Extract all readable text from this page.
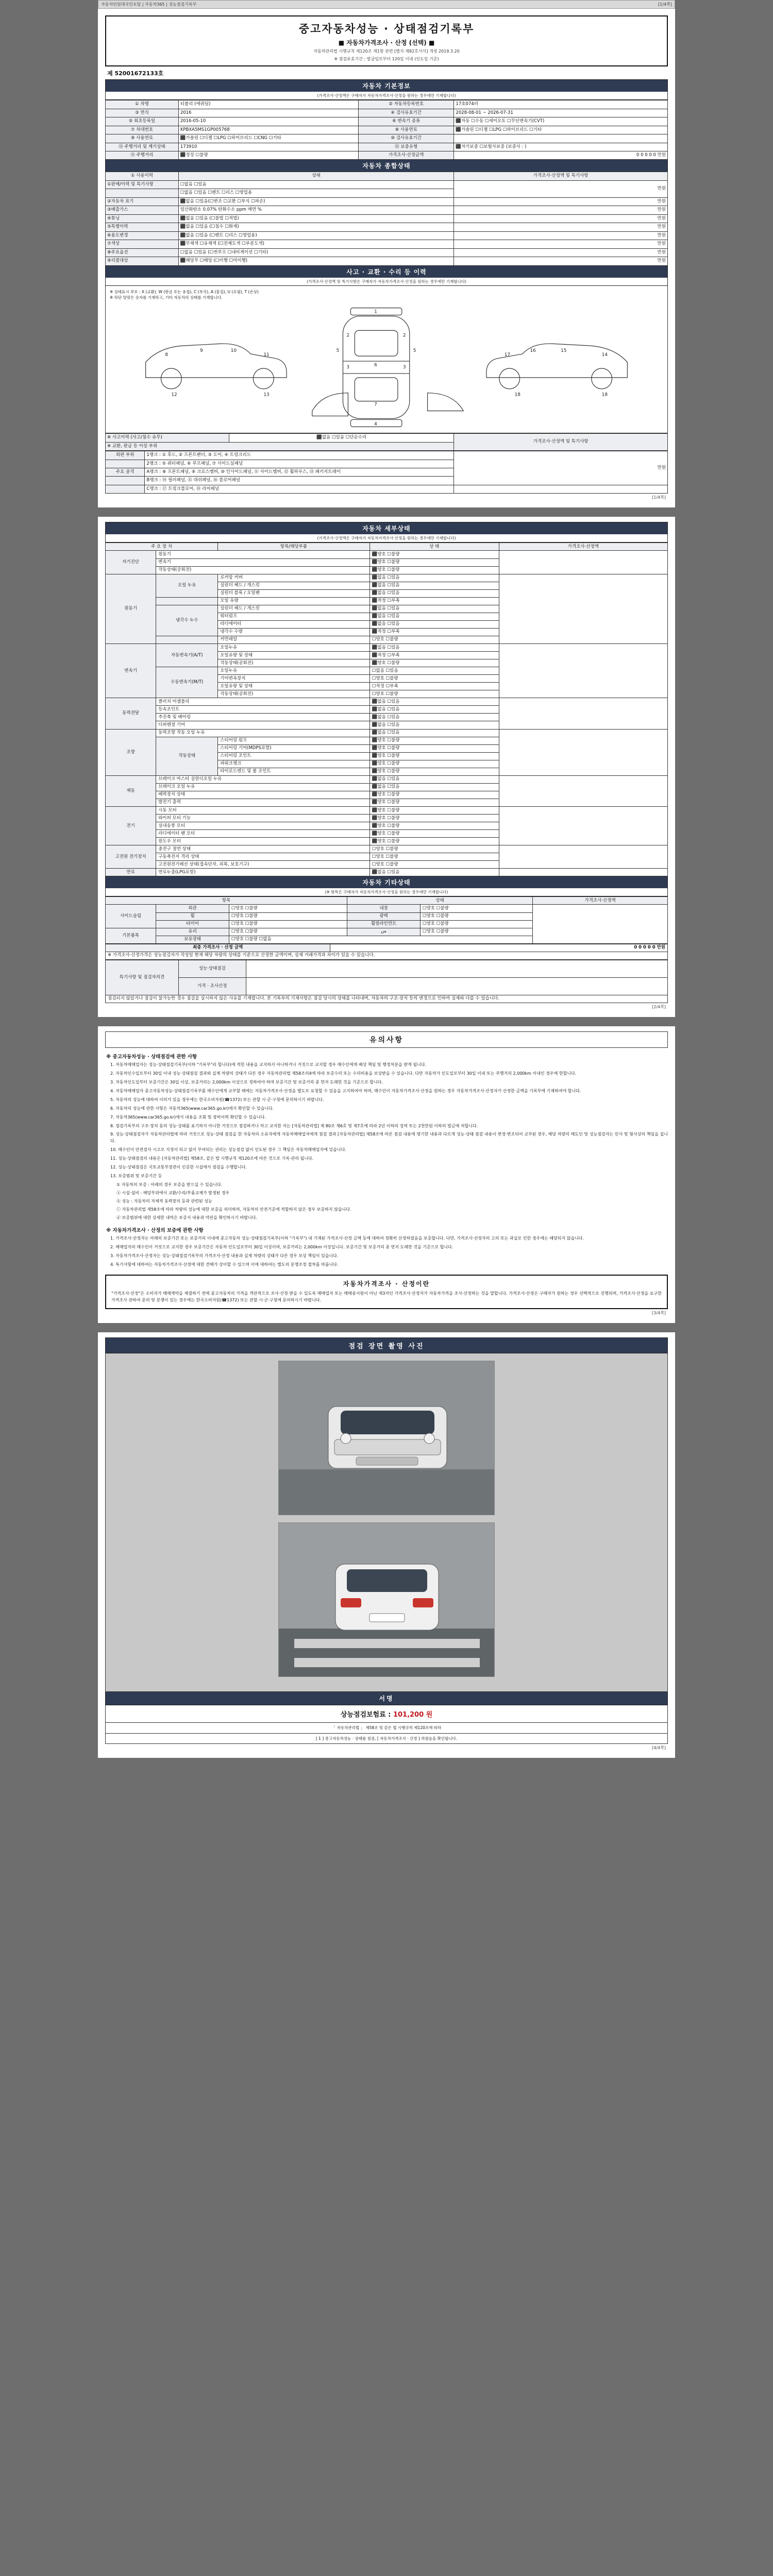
자동차민원대국민포털 | 자동차365 | 성능점검기록부	[1/4쪽]
중고자동차성능 · 상태점검기록부
■ 자동차가격조사 · 산정 (선택) ■
자동차관리법 시행규칙 제120조 제1항 관련 [별지 제82호서식] 개정 2019.3.20
※ 점검유효기간 : 발급일로부터 120일 이내 (인도일 기준)
제 52001672133호
자동차 기본정보
(가격조사·산정액은 구매자가 자동차가격조사·산정을 원하는 경우에만 기재합니다)
① 차명	티볼리 (에쿼딜)	② 자동차등록번호	17호074러
③ 연식	2016	④ 검사유효기간	2028-08-01 ~ 2026-07-31
⑤ 최초등록일	2016-05-10	⑥ 변속기 종류	⬛자동 ☐수동 ☐세미오토 ☐무단변속기(CVT)
⑦ 차대번호	KPBXA5MS1GP005768	⑧ 사용연료	⬛가솔린 ☐디젤 ☐LPG ☐하이브리드 ☐기타
⑨ 사용연료	⬛가솔린 ☐디젤 ☐LPG ☐하이브리드 ☐CNG ☐기타	⑩ 검사유효기간	
⑬ 주행거리 및 계기상태	173910	⑫ 보증유형	⬛자기보증 ☐보험사보증 (보증사 : )
⑪ 주행거리	⬛정상 ☐불량	가격조사·산정금액	0 0 0 0 0 만원
자동차 종합상태
① 사용이력	상태	가격조사·산정액 및 특기사항
①판매/이력 및 특기사항	☐없음 ☐있음	만원
	☐없음 ☐있음 ☐렌트 ☐리스 ☐영업용	
②자동차 표기	⬛없음 ☐있음(☐변조 ☐교환 ☐부식 ☐파손)	만원
③배출가스	일산화탄소 0.07% 탄화수소 ppm 매연 %	만원
④튜닝	⬛없음 ☐있음 (☐불법 ☐적법)	만원
⑤특별이력	⬛없음 ☐있음 (☐침수 ☐화재)	만원
⑥용도변경	⬛없음 ☐있음 (☐렌트 ☐리스 ☐영업용)	만원
⑦색상	⬛무채색 ☐유채색 (☐전체도색 ☐부분도색)	만원
⑧주요옵션	☐없음 ☐있음 (☐썬루프 ☐내비게이션 ☐기타)	만원
⑨리콜대상	⬛해당무 ☐해당 (☐이행 ☐미이행)	만원
사고 · 교환 · 수리 등 이력
(가격조사·산정액 및 특기사항은 구매자가 자동차가격조사·산정을 원하는 경우에만 기재합니다)
※ 상태표시 부호 : X (교환), W (판금 또는 용접), C (부식), A (흠집), U (요철), T (손상)
※ 하단 알맞은 숫자를 기재하고, 기타 자동차의 상태를 기재합니다.
1
2	2
3	3
4
5	5
6
7
8
9	10
11
12	13
14
15
16
17
18
18
※ 사고이력 (사고/침수 유무)	⬛없음 ☐있음 ☐단순수리	가격조사·산정액 및 특기사항
※ 교환, 판금 등 이상 부위
외판 부위	1랭크 : ① 후드, ② 프론트팬더, ③ 도어, ④ 트렁크리드	만원
	2랭크 : ⑤ 쿼터패널, ⑥ 루프패널, ⑦ 사이드실패널	
주요 골격	A랭크 : ⑧ 프론트패널, ⑨ 크로스멤버, ⑩ 인사이드패널, ⑪ 사이드멤버, ⑫ 휠하우스, ⑬ 패키지트레이	
	B랭크 : ⑭ 필러패널, ⑮ 대쉬패널, ⑯ 플로어패널	
	C랭크 : ⑰ 트렁크플로어, ⑱ 리어패널	
[1/4쪽]
자동차 세부상태
(가격조사·산정액은 구매자가 자동차가격조사·산정을 원하는 경우에만 기재합니다)
주 요 장 치		항목/해당부품	상 태	가격조사·산정액
자기진단	원동기		⬛양호 ☐불량	
	변속기		⬛양호 ☐불량	
	작동상태(공회전)		⬛양호 ☐불량	
원동기	오일 누유	로커암 커버	⬛없음 ☐있음	
		실린더 헤드 / 개스킷	⬛없음 ☐있음	
		실린더 블록 / 오일팬	⬛없음 ☐있음	
		오일 유량	⬛적정 ☐부족	
	냉각수 누수	실린더 헤드 / 개스킷	⬛없음 ☐있음	
		워터펌프	⬛없음 ☐있음	
		라디에이터	⬛없음 ☐있음	
		냉각수 수량	⬛적정 ☐부족	
		커먼레일	☐양호 ☐불량	
변속기	자동변속기(A/T)	오일누유	⬛없음 ☐있음	
		오일유량 및 상태	⬛적정 ☐부족	
		작동상태(공회전)	⬛양호 ☐불량	
	수동변속기(M/T)	오일누유	☐없음 ☐있음	
		기어변속장치	☐양호 ☐불량	
		오일유량 및 상태	☐적정 ☐부족	
		작동상태(공회전)	☐양호 ☐불량	
동력전달	클러치 어셈블리		⬛없음 ☐있음	
	등속조인트		⬛없음 ☐있음	
	추진축 및 베어링		⬛없음 ☐있음	
	디퍼렌셜 기어		⬛없음 ☐있음	
조향	동력조향 작동 오일 누유		⬛없음 ☐있음	
	작동상태	스티어링 펌프	⬛양호 ☐불량	
		스티어링 기어(MDPS포함)	⬛양호 ☐불량	
		스티어링 조인트	⬛양호 ☐불량	
		파워크랭크	⬛양호 ☐불량	
		타이로드엔드 및 볼 조인트	⬛양호 ☐불량	
제동	브레이크 마스터 실린더오일 누유		⬛없음 ☐있음	
	브레이크 오일 누유		⬛없음 ☐있음	
	배력장치 상태		⬛양호 ☐불량	
	발전기 출력		⬛양호 ☐불량	
전기	시동 모터		⬛양호 ☐불량	
	와이퍼 모터 기능		⬛양호 ☐불량	
	실내송풍 모터		⬛양호 ☐불량	
	라디에이터 팬 모터		⬛양호 ☐불량	
	윈도우 모터		⬛양호 ☐불량	
고전원 전기장치	충전구 절연 상태		☐양호 ☐불량	
	구동축전지 격리 상태		☐양호 ☐불량	
	고전원전기배선 상태(접속단자, 피복, 보호기구)		☐양호 ☐불량	
연료	연료누출(LPG포함)		⬛없음 ☐있음	
자동차 기타상태
(※ 항목은 구매자가 자동차가격조사·산정을 원하는 경우에만 기재합니다)
항목			상태		가격조사·산정액
사이드슬립	외관	☐양호 ☐불량	내장	☐양호 ☐불량	
	휠	☐양호 ☐불량	광택	☐양호 ☐불량	
	타이어	☐양호 ☐불량	휠얼라인먼트	☐양호 ☐불량	
기본품목	유리	☐양호 ☐불량	ەن	☐양호 ☐불량	
	보유상태	☐양호 ☐불량 ☐없음			
최종 가격조사 · 산정 금액	0 0 0 0 0 만원
※ 가격조사·산정가격은 성능점검자가 작성일 현재 해당 차량의 상태를 기준으로 산정한 금액이며, 실제 거래가격과 차이가 있을 수 있습니다.
특기사항 및 점검자의견	성능·상태점검	
	가격 · 조사산정	
점검되지 않았거나 점검이 불가능한 경우 점검을 실시하지 않은 사유를 기재합니다. 본 기록부의 기재사항은 점검 당시의 상태를 나타내며, 자동차의 구조·장치 등의 변경으로 인하여 실제와 다를 수 있습니다.		
[2/4쪽]
유의사항
※ 중고자동차성능 · 상태점검에 관한 사항

1. 자동차매매업자는 성능·상태점검기록부(이하 "기록부"라 합니다)에 적힌 내용을 교지하지 아니하거나 거짓으로 교지할 경우 매수인에게 배상 책임 및 행정처분을 받게 됩니다.

2. 자동차인수일로부터 30일 이내 성능·상태점검 결과와 실제 차량의 상태가 다른 경우 자동차관리법 제58조의4에 따라 보증수리 또는 수리비용을 보상받을 수 있습니다. 다만 자동차가 인도일로부터 30일 이내 또는 주행거리 2,000km 이내인 경우에 한합니다.

3. 자동차인도일부터 보증기간은 30일 이상, 보증거리는 2,000km 이상으로 정하여야 하며 보증기간 및 보증거리 중 먼저 도래한 것을 기준으로 합니다.

4. 자동차매매업자 중고자동차성능·상태점검기록부를 매수인에게 교부할 때에는 자동차가격조사·산정을 별도로 요청할 수 있음을 고지하여야 하며, 매수인이 자동차가격조사·산정을 원하는 경우 자동차가격조사·산정자가 산정한 금액을 기록부에 기재하여야 합니다.

5. 자동차의 성능에 대하여 이의가 있을 경우에는 한국소비자원(☎1372) 또는 관할 시·군·구청에 문의하시기 바랍니다.

6. 자동차의 성능에 관한 사항은 자동차365(www.car365.go.kr)에서 확인할 수 있습니다.

7. 자동차365(www.car365.go.kr)에서 내용을 조회 및 장비이력 확인할 수 있습니다.

8. 점검기록부의 구조·장치 동의 성능·상태를 표기하지 아니한 거짓으로 점검하거나 차고 교지한 자는 [자동차관리법] 제 80조 제6호 및 제7호에 따라 2년 이하의 징역 또는 2천만원 이하의 벌금에 처합니다.

9. 성능·상태점검자가 자동차관리법에 따라 거짓으로 성능·상태 점검을 한 자동차의 소유자에게 자동차매매업자에게 점검 결과 [자동차관리법] 제58조에 따른 점검 내용에 명기한 내용과 다르게 성능·상태 점검 내용이 변경·변조되어 교부된 경우, 해당 차량의 매도인 및 성능점검자는 민사 및 형사상의 책임을 집니다.

10. 매수인이 안전검사 시고로 지정이 되고 없이 부여되는 권리는 성능점검 없이 인도된 경우 그 책임은 자동차매매업자에 있습니다.

11. 성능·상태점검의 내용은 [자동차관리법] 제58조, 같은 법 시행규칙 제120조에 따른 것으로 기록·관리 됩니다.

12. 성능·상태점검은 국토교통부장관이 인증한 시설에서 점검을 수행합니다.

13. 보증범위 및 보증기간 등

① 자동차의 보증 : 아래의 경우 보증을 받으실 수 있습니다.

ⓐ 시설·설비 : 해당부위에서 교환/수리/부품교체가 발생된 경우

ⓑ 성능 : 자동차의 자체적 동력장치 등과 관련된 성능

ⓒ 자동차관리법 제58조에 따라 차량의 성능에 대한 보증을 의미하며, 자동차의 안전기준에 적합하지 않은 경우 보증하지 않습니다.

ⓓ 보증범위에 대한 상세한 내역은 보증서 내용과 약관을 확인하시기 바랍니다.

※ 자동차가격조사 · 산정의 보증에 관한 사항

1. 가격조사·산정자는 아래의 보증기간 또는 보증거리 이내에 중고자동차 성능·상태점검기록부(이하 "기록부") 내 기재된 가격조사·산정 금액 등에 대하여 정확히 산정하였음을 보증합니다. 다만, 가격조사·산정자의 고의 또는 과실로 인한 경우에는 해당되지 않습니다.

2. 매매업자의 매수인이 거짓으로 교지한 경우 보증기간은 자동차 인도일로부터 30일 이상이며, 보증거리는 2,000km 이상입니다. 보증기간 및 보증거리 중 먼저 도래한 것을 기준으로 합니다.

3. 자동차가격조사·산정자는 성능·상태점검기록부의 가격조사·산정 내용과 실제 차량의 상태가 다른 경우 보상 책임이 있습니다.

4. 특기사항에 대하여는 자동차가격조사·산정에 대한 견해가 상이할 수 있으며 이에 대하여는 별도의 분쟁조정 절차를 따릅니다.

자동차가격조사 · 산정이란
"가격조사·산정"은 소비자가 매매계약을 체결하기 전에 중고자동차의 가격을 객관적으로 조사·산정 받을 수 있도록 매매업자 또는 매매종사원이 아닌 제3자인 가격조사·산정자가 자동차가격을 조사·산정하는 것을 말합니다. 가격조사·산정은 구매자가 원하는 경우 선택적으로 진행되며, 가격조사·산정을 요구한 가격조사 관하여 문의 및 분쟁이 있는 경우에는 한국소비자원(☎1372) 또는 관할 시·군·구청에 문의하시기 바랍니다.
[3/4쪽]
점검 장면 촬영 사진
서명
상능점검보험료 : 101,200 원
「 자동차관리법 」 제58조 및 같은 법 시행규칙 제120조에 따라
[ 1 ] 중고자동차성능 · 상태를 점검, [ 자동차가격조사 · 산정 ] 하였음을 확인합니다.
[4/4쪽]
